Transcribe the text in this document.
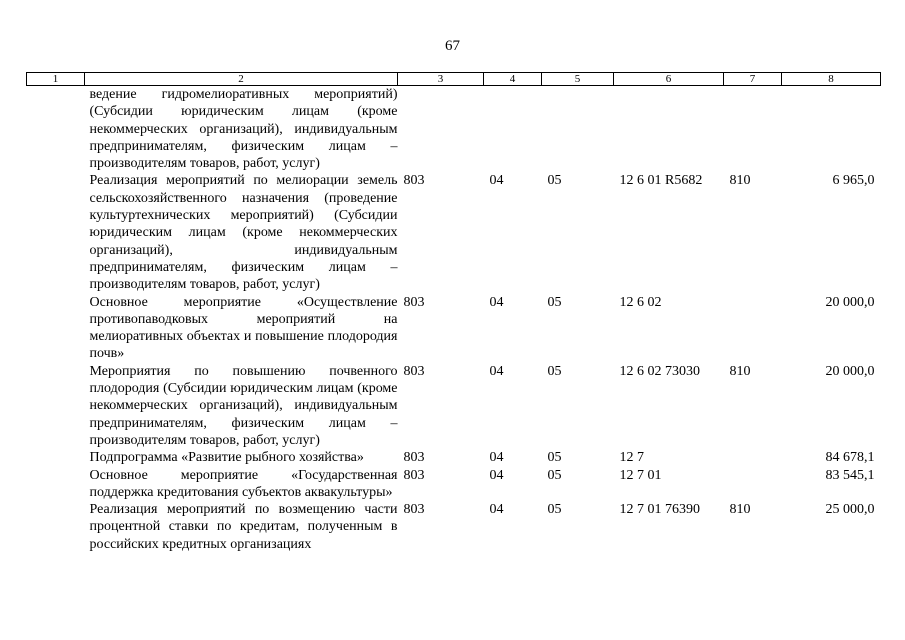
67
1	2	3	4	5	6	7	8
	ведение гидромелиоративных мероприятий) (Субсидии юридическим лицам (кроме некоммерческих организаций), индивидуальным предпринимателям, физическим лицам – производителям товаров, работ, услуг)						
	Реализация мероприятий по мелиорации земель сельскохозяйственного назначения (проведение культуртехнических мероприятий) (Субсидии юридическим лицам (кроме некоммерческих организаций), индивидуальным предпринимателям, физическим лицам – производителям товаров, работ, услуг)	803	04	05	12 6 01 R5682	810	6 965,0
	Основное мероприятие «Осуществление противопаводковых мероприятий на мелиоративных объектах и повышение плодородия почв»	803	04	05	12 6 02		20 000,0
	Мероприятия по повышению почвенного плодородия (Субсидии юридическим лицам (кроме некоммерческих организаций), индивидуальным предпринимателям, физическим лицам – производителям товаров, работ, услуг)	803	04	05	12 6 02 73030	810	20 000,0
	Подпрограмма «Развитие рыбного хозяйства»	803	04	05	12 7		84 678,1
	Основное мероприятие «Государственная поддержка кредитования субъектов аквакультуры»	803	04	05	12 7 01		83 545,1
	Реализация мероприятий по возмещению части процентной ставки по кредитам, полученным в российских кредитных организациях	803	04	05	12 7 01 76390	810	25 000,0
